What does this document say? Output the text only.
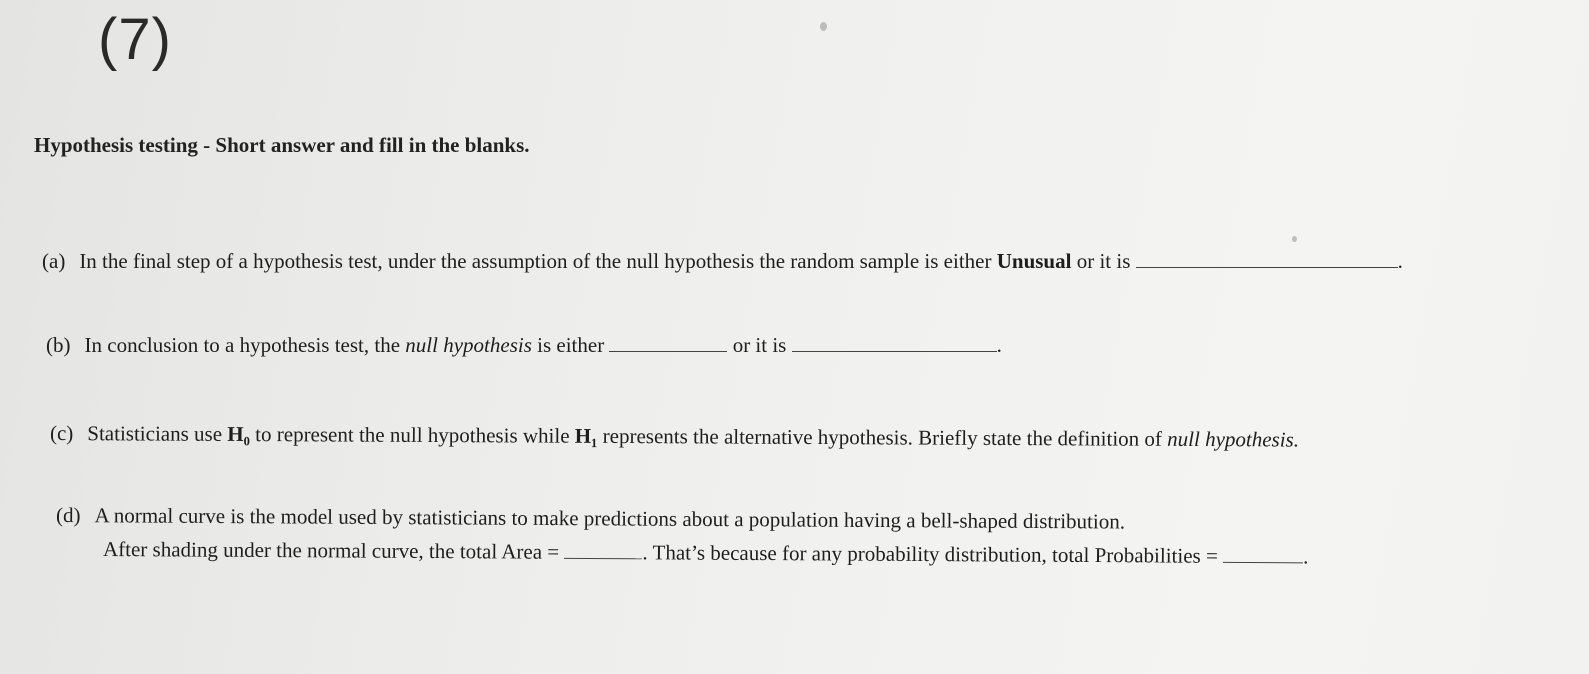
(7)
Hypothesis testing - Short answer and fill in the blanks.
(a) In the final step of a hypothesis test, under the assumption of the null hypothesis the random sample is either Unusual or it is	.
(b) In conclusion to a hypothesis test, the null hypothesis is either	or it is	.
(c) Statisticians use H₀ to represent the null hypothesis while H₁ represents the alternative hypothesis. Briefly state the definition of null hypothesis.
(d) A normal curve is the model used by statisticians to make predictions about a population having a bell-shaped distribution.
After shading under the normal curve, the total Area =	. That’s because for any probability distribution, total Probabilities =	.
